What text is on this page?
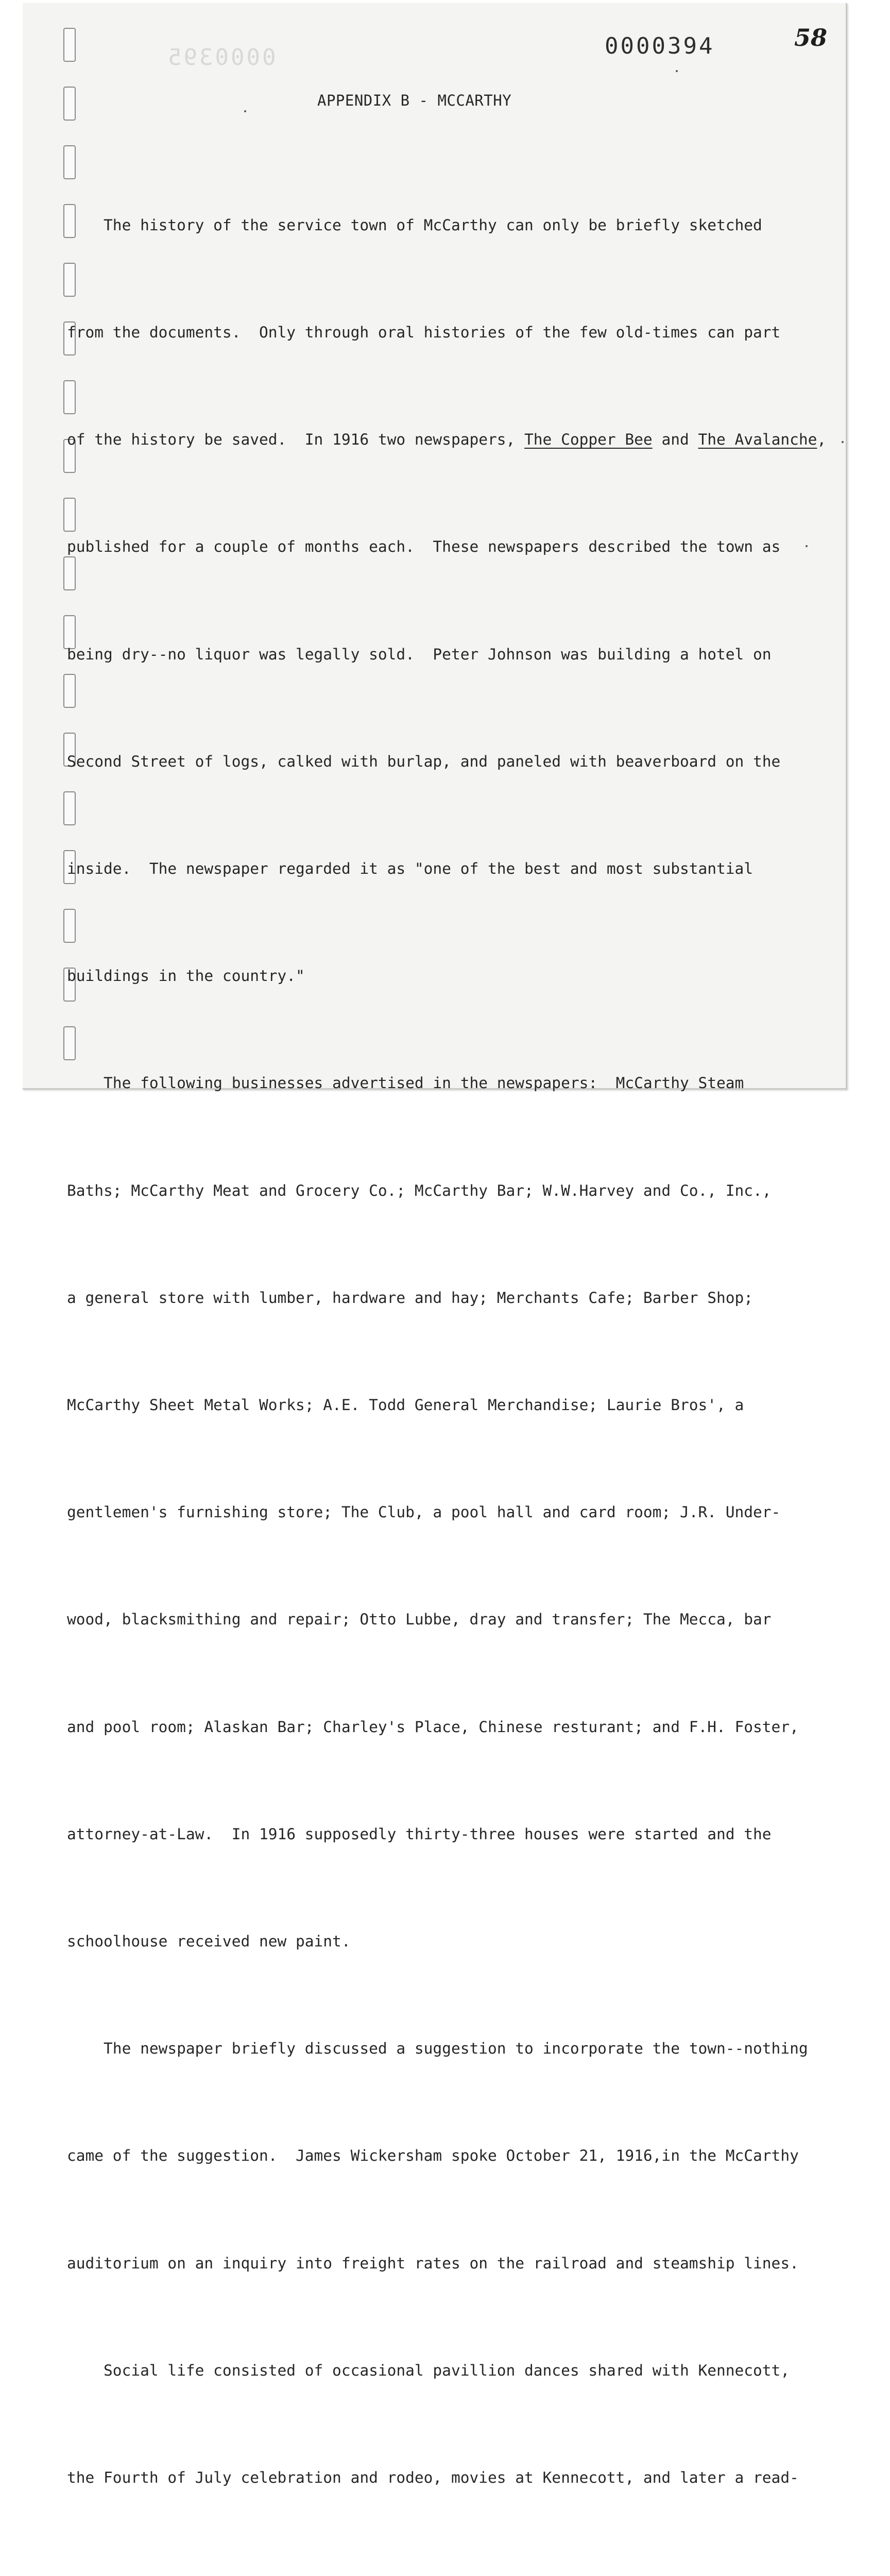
0000395	0000394	58
APPENDIX B - MCCARTHY

The history of the service town of McCarthy can only be briefly sketched

from the documents.  Only through oral histories of the few old-times can part

of the history be saved.  In 1916 two newspapers, The Copper Bee and The Avalanche,

published for a couple of months each.  These newspapers described the town as

being dry--no liquor was legally sold.  Peter Johnson was building a hotel on

Second Street of logs, calked with burlap, and paneled with beaverboard on the

inside.  The newspaper regarded it as "one of the best and most substantial

buildings in the country."

The following businesses advertised in the newspapers:  McCarthy Steam

Baths; McCarthy Meat and Grocery Co.; McCarthy Bar; W.W.Harvey and Co., Inc.,

a general store with lumber, hardware and hay; Merchants Cafe; Barber Shop;

McCarthy Sheet Metal Works; A.E. Todd General Merchandise; Laurie Bros', a

gentlemen's furnishing store; The Club, a pool hall and card room; J.R. Under-

wood, blacksmithing and repair; Otto Lubbe, dray and transfer; The Mecca, bar

and pool room; Alaskan Bar; Charley's Place, Chinese resturant; and F.H. Foster,

attorney-at-Law.  In 1916 supposedly thirty-three houses were started and the

schoolhouse received new paint.

The newspaper briefly discussed a suggestion to incorporate the town--nothing

came of the suggestion.  James Wickersham spoke October 21, 1916,in the McCarthy

auditorium on an inquiry into freight rates on the railroad and steamship lines.

Social life consisted of occasional pavillion dances shared with Kennecott,

the Fourth of July celebration and rodeo, movies at Kennecott, and later a read-
